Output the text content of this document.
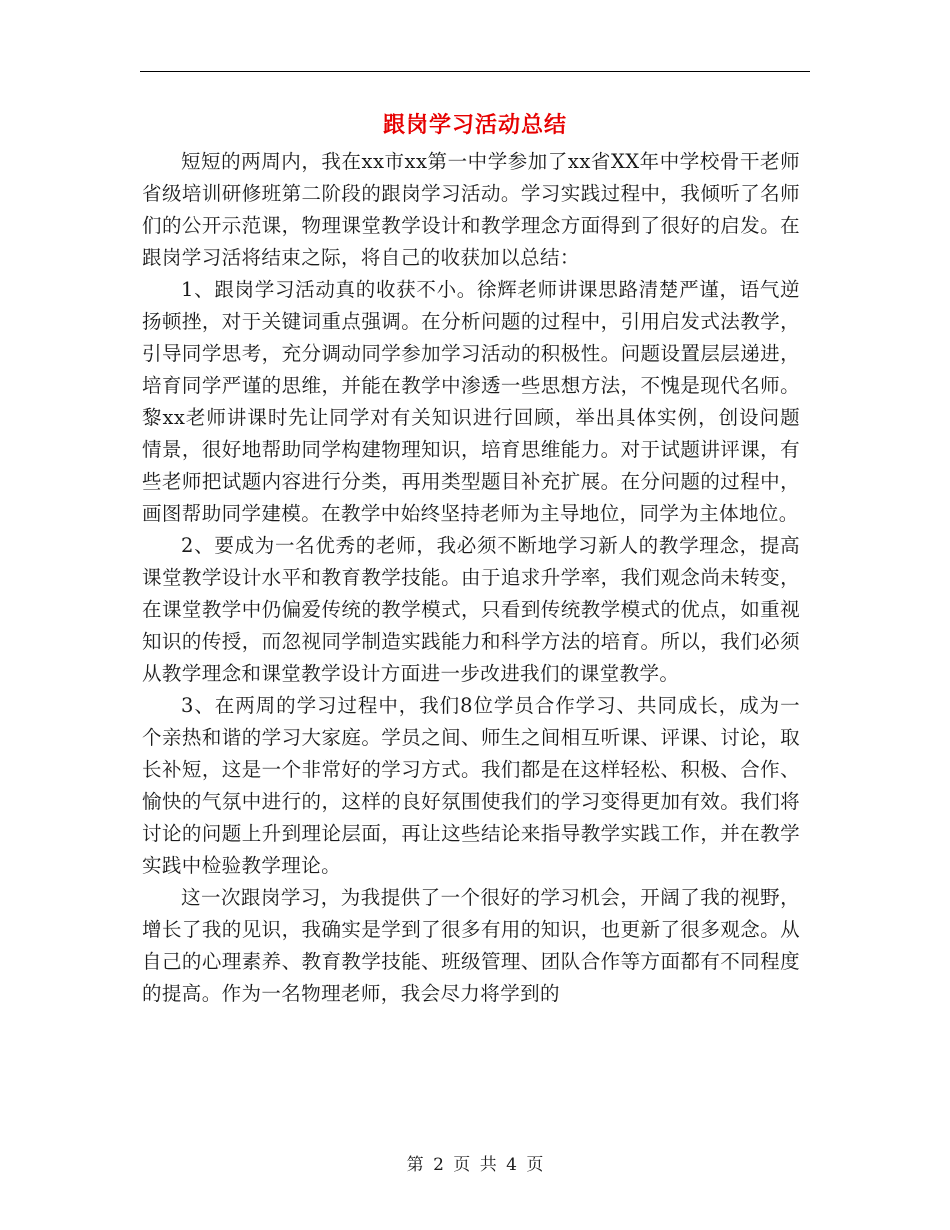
跟岗学习活动总结

短短的两周内，我在xx市xx第一中学参加了xx省XX年中学校骨干老师省级培训研修班第二阶段的跟岗学习活动。学习实践过程中，我倾听了名师们的公开示范课，物理课堂教学设计和教学理念方面得到了很好的启发。在跟岗学习活将结束之际，将自己的收获加以总结：

1、跟岗学习活动真的收获不小。徐辉老师讲课思路清楚严谨，语气逆扬顿挫，对于关键词重点强调。在分析问题的过程中，引用启发式法教学，引导同学思考，充分调动同学参加学习活动的积极性。问题设置层层递进，培育同学严谨的思维，并能在教学中渗透一些思想方法，不愧是现代名师。黎xx老师讲课时先让同学对有关知识进行回顾，举出具体实例，创设问题情景，很好地帮助同学构建物理知识，培育思维能力。对于试题讲评课，有些老师把试题内容进行分类，再用类型题目补充扩展。在分问题的过程中，画图帮助同学建模。在教学中始终坚持老师为主导地位，同学为主体地位。

2、要成为一名优秀的老师，我必须不断地学习新人的教学理念，提高课堂教学设计水平和教育教学技能。由于追求升学率，我们观念尚未转变，在课堂教学中仍偏爱传统的教学模式，只看到传统教学模式的优点，如重视知识的传授，而忽视同学制造实践能力和科学方法的培育。所以，我们必须从教学理念和课堂教学设计方面进一步改进我们的课堂教学。

3、在两周的学习过程中，我们8位学员合作学习、共同成长，成为一个亲热和谐的学习大家庭。学员之间、师生之间相互听课、评课、讨论，取长补短，这是一个非常好的学习方式。我们都是在这样轻松、积极、合作、愉快的气氛中进行的，这样的良好氛围使我们的学习变得更加有效。我们将讨论的问题上升到理论层面，再让这些结论来指导教学实践工作，并在教学实践中检验教学理论。

这一次跟岗学习，为我提供了一个很好的学习机会，开阔了我的视野，增长了我的见识，我确实是学到了很多有用的知识，也更新了很多观念。从自己的心理素养、教育教学技能、班级管理、团队合作等方面都有不同程度的提高。作为一名物理老师，我会尽力将学到的

第 2 页 共 4 页
